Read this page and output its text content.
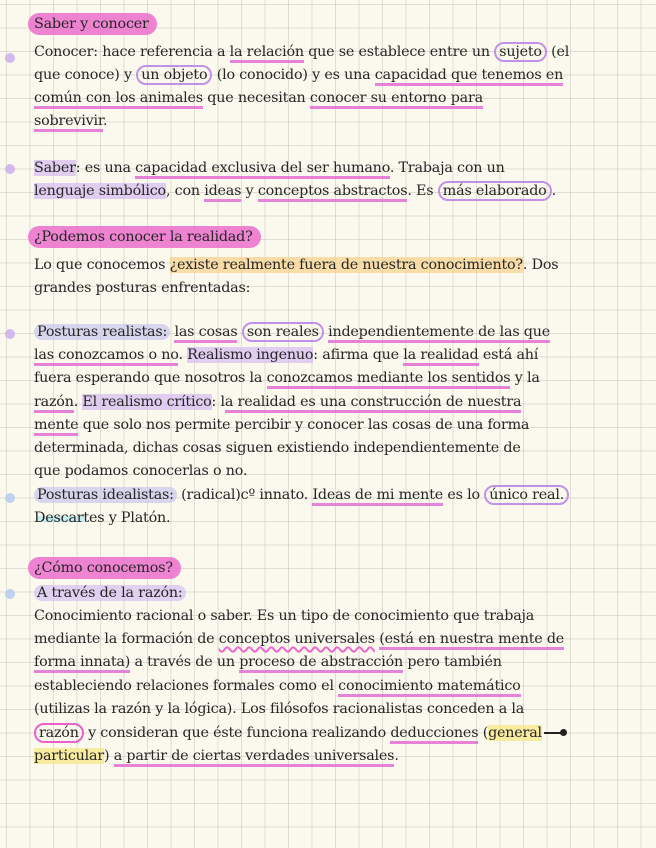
Saber y conocer
Conocer: hace referencia a la relación que se establece entre un sujeto (el
que conoce) y un objeto (lo conocido) y es una capacidad que tenemos en
común con los animales que necesitan conocer su entorno para
sobrevivir.
Saber: es una capacidad exclusiva del ser humano. Trabaja con un
lenguaje simbólico, con ideas y conceptos abstractos. Es más elaborado .
¿Podemos conocer la realidad?
Lo que conocemos ¿existe realmente fuera de nuestra conocimiento?. Dos
grandes posturas enfrentadas:
Posturas realistas: las cosas son reales independientemente de las que
las conozcamos o no. Realismo ingenuo: afirma que la realidad está ahí
fuera esperando que nosotros la conozcamos mediante los sentidos y la
razón. El realismo crítico: la realidad es una construcción de nuestra
mente que solo nos permite percibir y conocer las cosas de una forma
determinada, dichas cosas siguen existiendo independientemente de
que podamos conocerlas o no.
Posturas idealistas: (radical)cº innato. Ideas de mi mente es lo único real.
Descartes y Platón.
¿Cómo conocemos?
A través de la razón:
Conocimiento racional o saber. Es un tipo de conocimiento que trabaja
mediante la formación de conceptos universales (está en nuestra mente de
forma innata) a través de un proceso de abstracción pero también
estableciendo relaciones formales como el conocimiento matemático
(utilizas la razón y la lógica). Los filósofos racionalistas conceden a la
razón y consideran que éste funciona realizando deducciones (general
particular) a partir de ciertas verdades universales.
